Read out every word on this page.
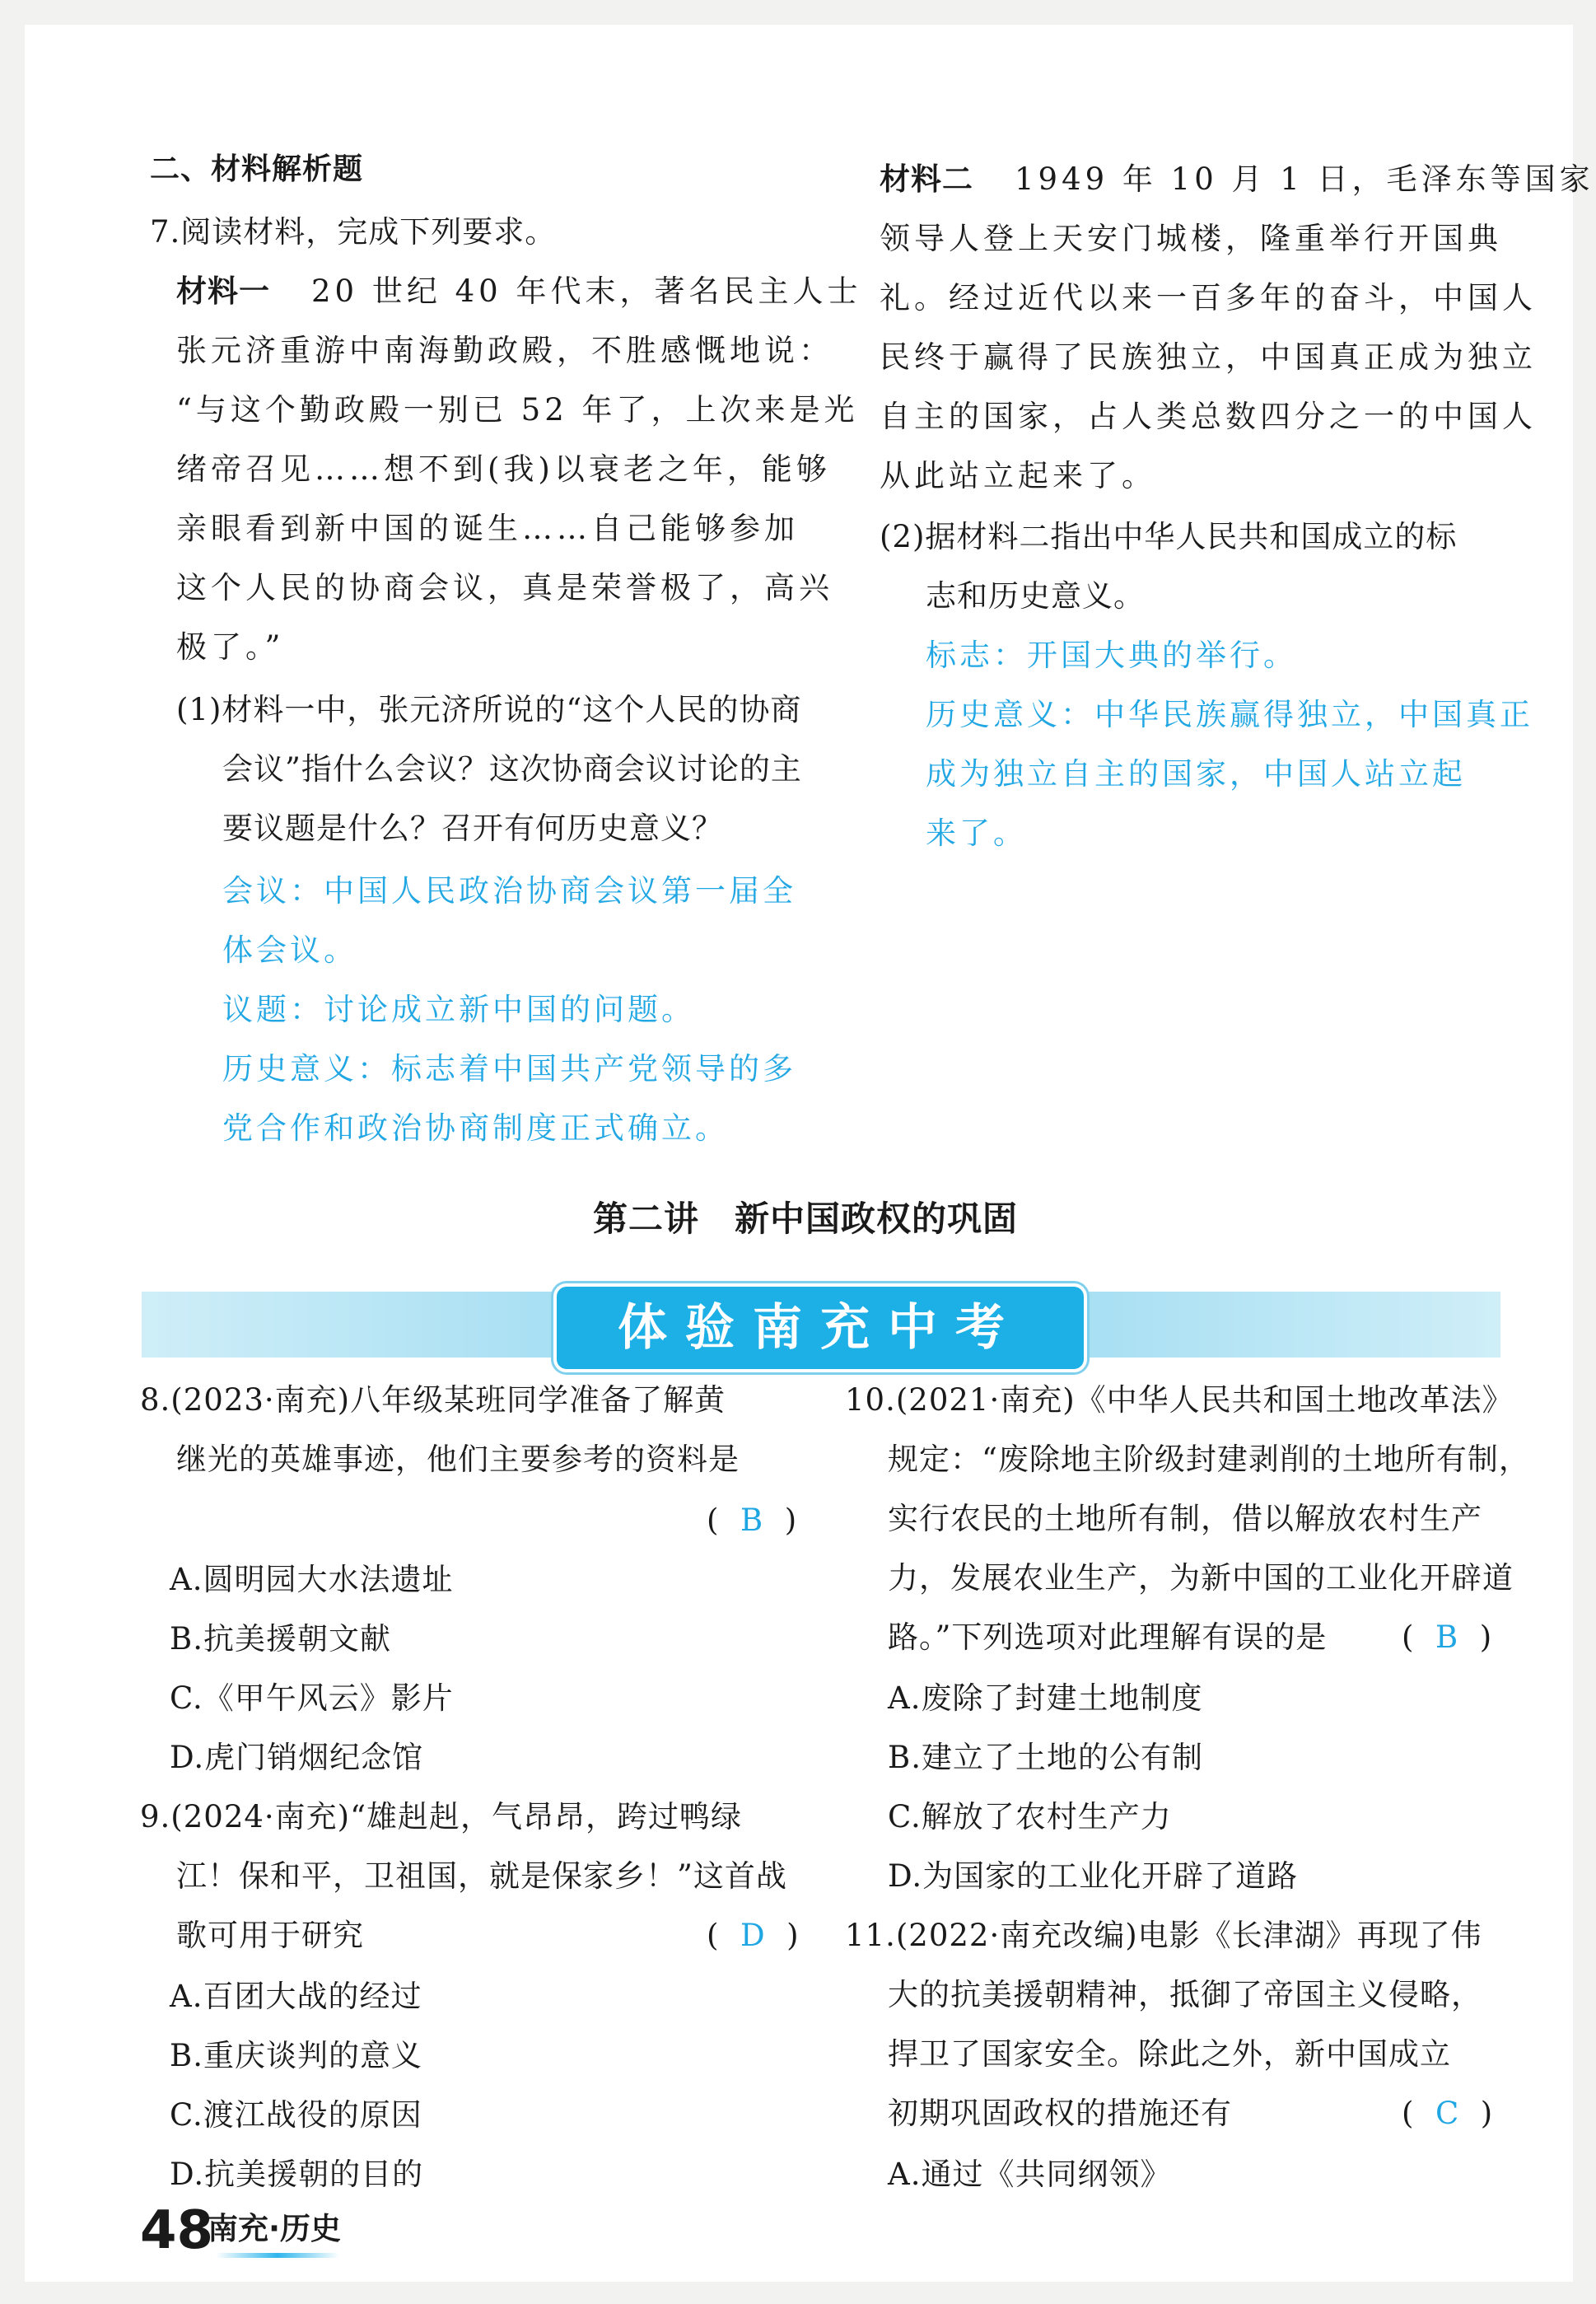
二、材料解析题
7.阅读材料，完成下列要求。
材料一 20 世纪 40 年代末，著名民主人士
张元济重游中南海勤政殿，不胜感慨地说：
“与这个勤政殿一别已 52 年了，上次来是光
绪帝召见……想不到(我)以衰老之年，能够
亲眼看到新中国的诞生……自己能够参加
这个人民的协商会议，真是荣誉极了，高兴
极了。”
(1)材料一中，张元济所说的“这个人民的协商
会议”指什么会议？这次协商会议讨论的主
要议题是什么？召开有何历史意义？
会议：中国人民政治协商会议第一届全
体会议。
议题：讨论成立新中国的问题。
历史意义：标志着中国共产党领导的多
党合作和政治协商制度正式确立。
材料二 1949 年 10 月 1 日，毛泽东等国家
领导人登上天安门城楼，隆重举行开国典
礼。经过近代以来一百多年的奋斗，中国人
民终于赢得了民族独立，中国真正成为独立
自主的国家，占人类总数四分之一的中国人
从此站立起来了。
(2)据材料二指出中华人民共和国成立的标
志和历史意义。
标志：开国大典的举行。
历史意义：中华民族赢得独立，中国真正
成为独立自主的国家，中国人站立起
来了。
第二讲　新中国政权的巩固
体验南充中考
8.(2023·南充)八年级某班同学准备了解黄
继光的英雄事迹，他们主要参考的资料是
(  B  )
A.圆明园大水法遗址
B.抗美援朝文献
C.《甲午风云》影片
D.虎门销烟纪念馆
9.(2024·南充)“雄赳赳，气昂昂，跨过鸭绿
江！保和平，卫祖国，就是保家乡！”这首战
歌可用于研究	(  D  )
A.百团大战的经过
B.重庆谈判的意义
C.渡江战役的原因
D.抗美援朝的目的
10.(2021·南充)《中华人民共和国土地改革法》
规定：“废除地主阶级封建剥削的土地所有制，
实行农民的土地所有制，借以解放农村生产
力，发展农业生产，为新中国的工业化开辟道
路。”下列选项对此理解有误的是 (  B  )
A.废除了封建土地制度
B.建立了土地的公有制
C.解放了农村生产力
D.为国家的工业化开辟了道路
11.(2022·南充改编)电影《长津湖》再现了伟
大的抗美援朝精神，抵御了帝国主义侵略，
捍卫了国家安全。除此之外，新中国成立
初期巩固政权的措施还有	(  C  )
A.通过《共同纲领》
48
南充·历史
